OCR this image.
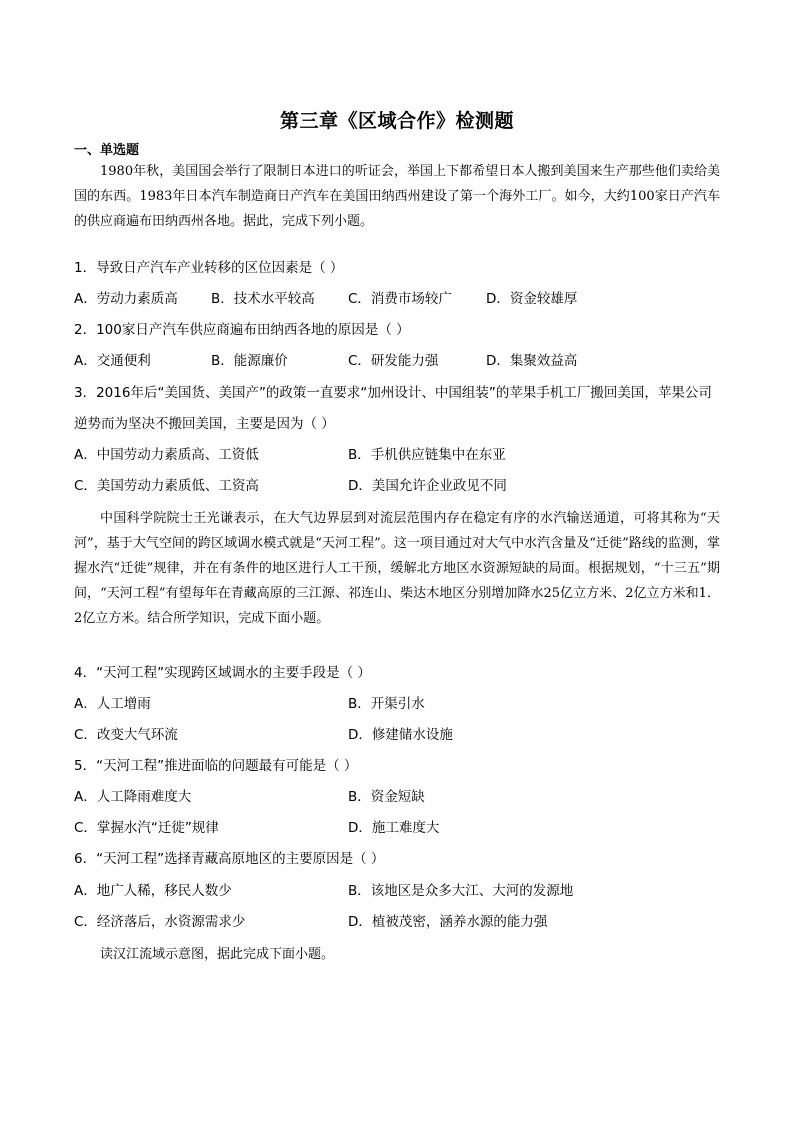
第三章《区域合作》检测题
一、单选题

1980年秋，美国国会举行了限制日本进口的听证会，举国上下都希望日本人搬到美国来生产那些他们卖给美国的东西。1983年日本汽车制造商日产汽车在美国田纳西州建设了第一个海外工厂。如今，大约100家日产汽车的供应商遍布田纳西州各地。据此，完成下列小题。

1．导致日产汽车产业转移的区位因素是（ ）
A．劳动力素质高 B．技术水平较高 C．消费市场较广	D．资金较雄厚
2．100家日产汽车供应商遍布田纳西各地的原因是（ ）
A．交通便利	B．能源廉价	C．研发能力强	D．集聚效益高
3．2016年后“美国货、美国产”的政策一直要求“加州设计、中国组装”的苹果手机工厂搬回美国，苹果公司逆势而为坚决不搬回美国，主要是因为（ ）
A．中国劳动力素质高、工资低	B．手机供应链集中在东亚
C．美国劳动力素质低、工资高	D．美国允许企业政见不同

中国科学院院士王光谦表示，在大气边界层到对流层范围内存在稳定有序的水汽输送通道，可将其称为“天河”，基于大气空间的跨区域调水模式就是“天河工程”。这一项目通过对大气中水汽含量及“迁徙”路线的监测，掌握水汽“迁徙”规律，并在有条件的地区进行人工干预，缓解北方地区水资源短缺的局面。根据规划，“十三五”期间，“天河工程”有望每年在青藏高原的三江源、祁连山、柴达木地区分别增加降水25亿立方米、2亿立方米和1．2亿立方米。结合所学知识，完成下面小题。

4．“天河工程”实现跨区域调水的主要手段是（ ）
A．人工增雨	B．开渠引水
C．改变大气环流	D．修建储水设施
5．“天河工程”推进面临的问题最有可能是（ ）
A．人工降雨难度大	B．资金短缺
C．掌握水汽“迁徙”规律	D．施工难度大
6．“天河工程”选择青藏高原地区的主要原因是（ ）
A．地广人稀，移民人数少	B．该地区是众多大江、大河的发源地
C．经济落后，水资源需求少	D．植被茂密，涵养水源的能力强

读汉江流域示意图，据此完成下面小题。
